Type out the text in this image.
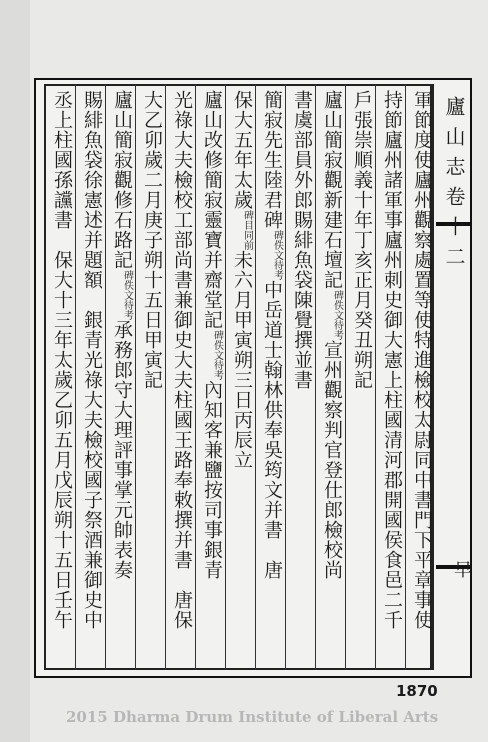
軍節度使廬州觀察處置等使特進檢校太尉同中書門下平章事使
持節廬州諸軍事廬州刺史御大憲上柱國清河郡開國侯食邑二千
戶張崇順義十年丁亥正月癸丑朔記
廬山簡寂觀新建石壇記碑佚文待考宣州觀察判官登仕郎檢校尚
書虞部員外郎賜緋魚袋陳覺撰並書
簡寂先生陸君碑碑佚文待考中岳道士翰林供奉吳筠文并書　唐
保大五年太歲碑目同前未六月甲寅朔三日丙辰立
廬山改修簡寂靈寶并齋堂記碑佚文待考內知客兼鹽按司事銀青
光祿大夫檢校工部尚書兼御史大夫柱國王路奉敕撰并書　唐保
大乙卯歲二月庚子朔十五日甲寅記
廬山簡寂觀修石路記碑佚文待考承務郎守大理評事掌元帥表奏
賜緋魚袋徐憲述并題額　銀青光祿大夫檢校國子祭酒兼御史中
丞上柱國孫讜書　保大十三年太歲乙卯五月戊辰朔十五日壬午	廬山志卷十二
早
1870
2015 Dharma Drum Institute of Liberal Arts
